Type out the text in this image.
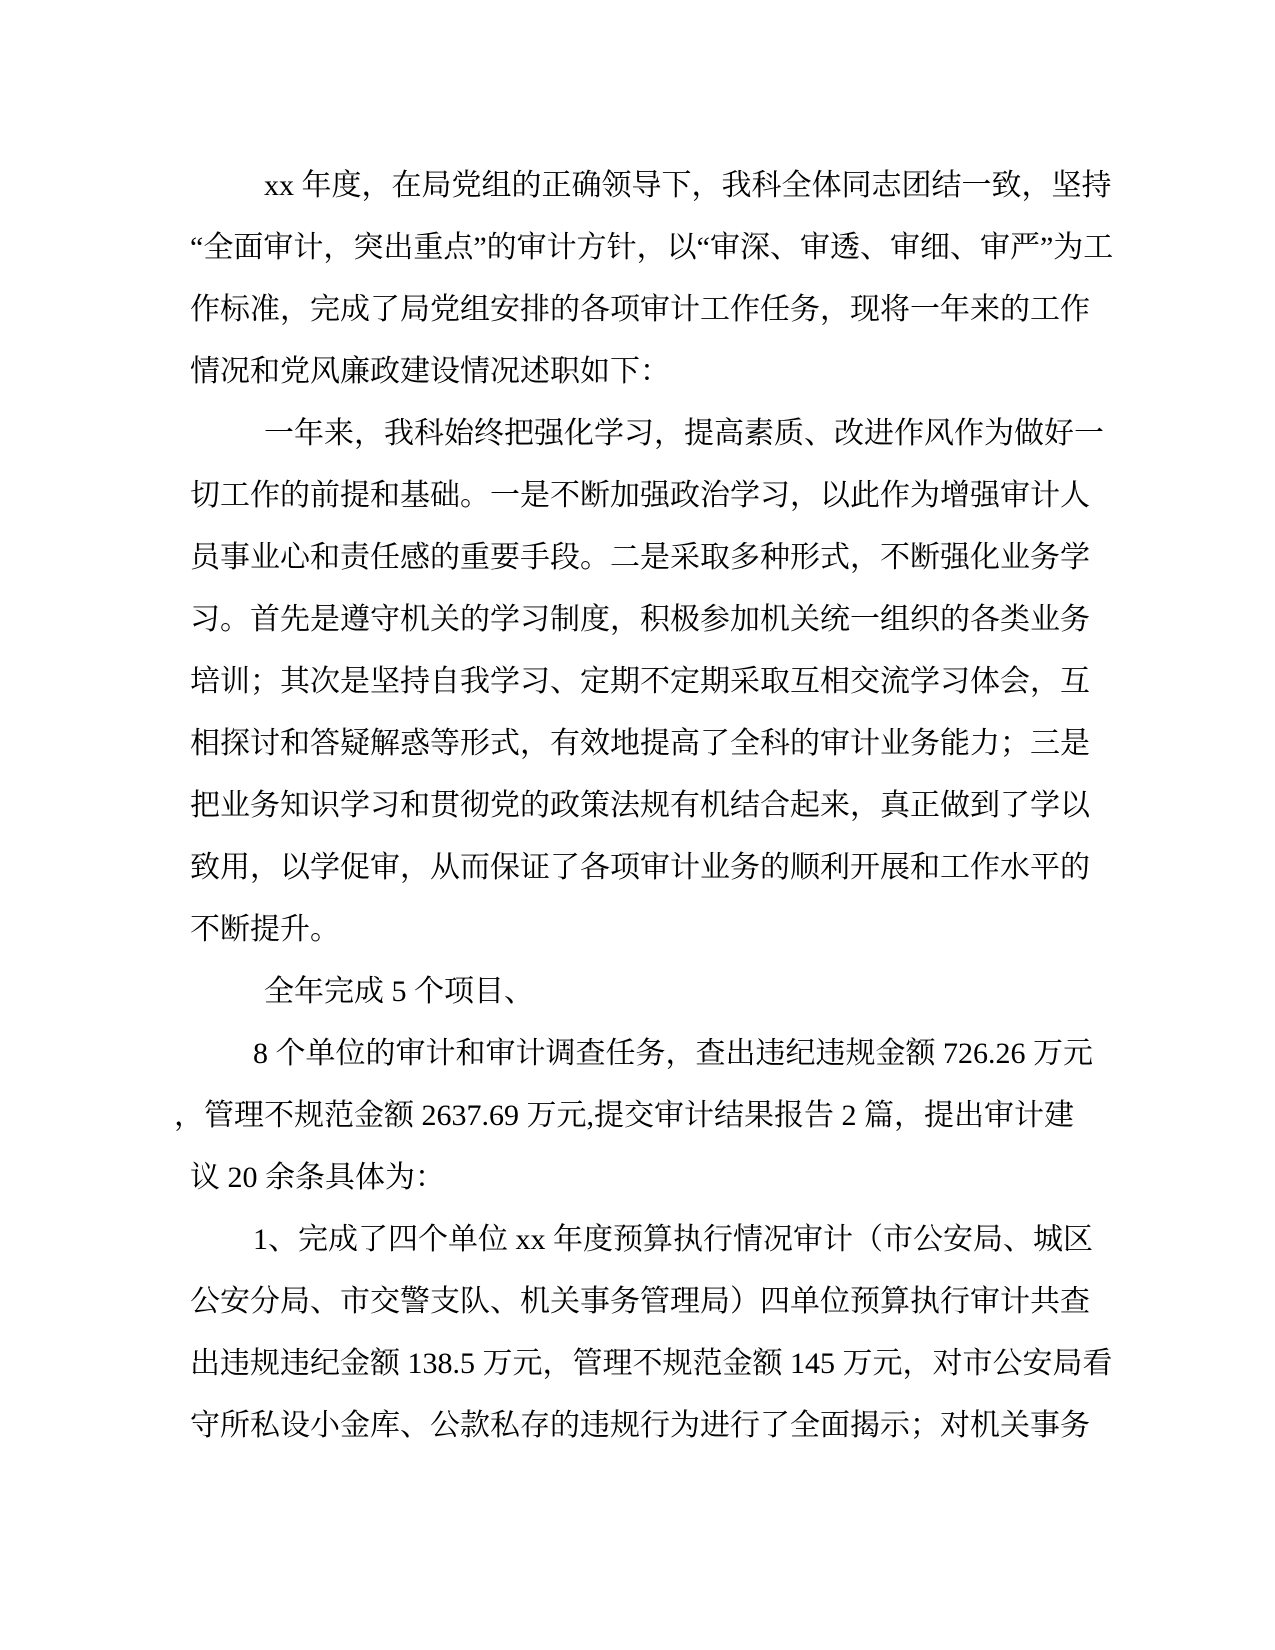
xx 年度，在局党组的正确领导下，我科全体同志团结一致，坚持
“全面审计，突出重点”的审计方针，以“审深、审透、审细、审严”为工
作标准，完成了局党组安排的各项审计工作任务，现将一年来的工作
情况和党风廉政建设情况述职如下：
一年来，我科始终把强化学习，提高素质、改进作风作为做好一
切工作的前提和基础。一是不断加强政治学习，以此作为增强审计人
员事业心和责任感的重要手段。二是采取多种形式，不断强化业务学
习。首先是遵守机关的学习制度，积极参加机关统一组织的各类业务
培训；其次是坚持自我学习、定期不定期采取互相交流学习体会，互
相探讨和答疑解惑等形式，有效地提高了全科的审计业务能力；三是
把业务知识学习和贯彻党的政策法规有机结合起来，真正做到了学以
致用，以学促审，从而保证了各项审计业务的顺利开展和工作水平的
不断提升。
全年完成 5 个项目、
8 个单位的审计和审计调查任务，查出违纪违规金额 726.26 万元
，管理不规范金额 2637.69 万元,提交审计结果报告 2 篇，提出审计建
议 20 余条具体为：
1、完成了四个单位 xx 年度预算执行情况审计（市公安局、城区
公安分局、市交警支队、机关事务管理局）四单位预算执行审计共查
出违规违纪金额 138.5 万元，管理不规范金额 145 万元，对市公安局看
守所私设小金库、公款私存的违规行为进行了全面揭示；对机关事务
